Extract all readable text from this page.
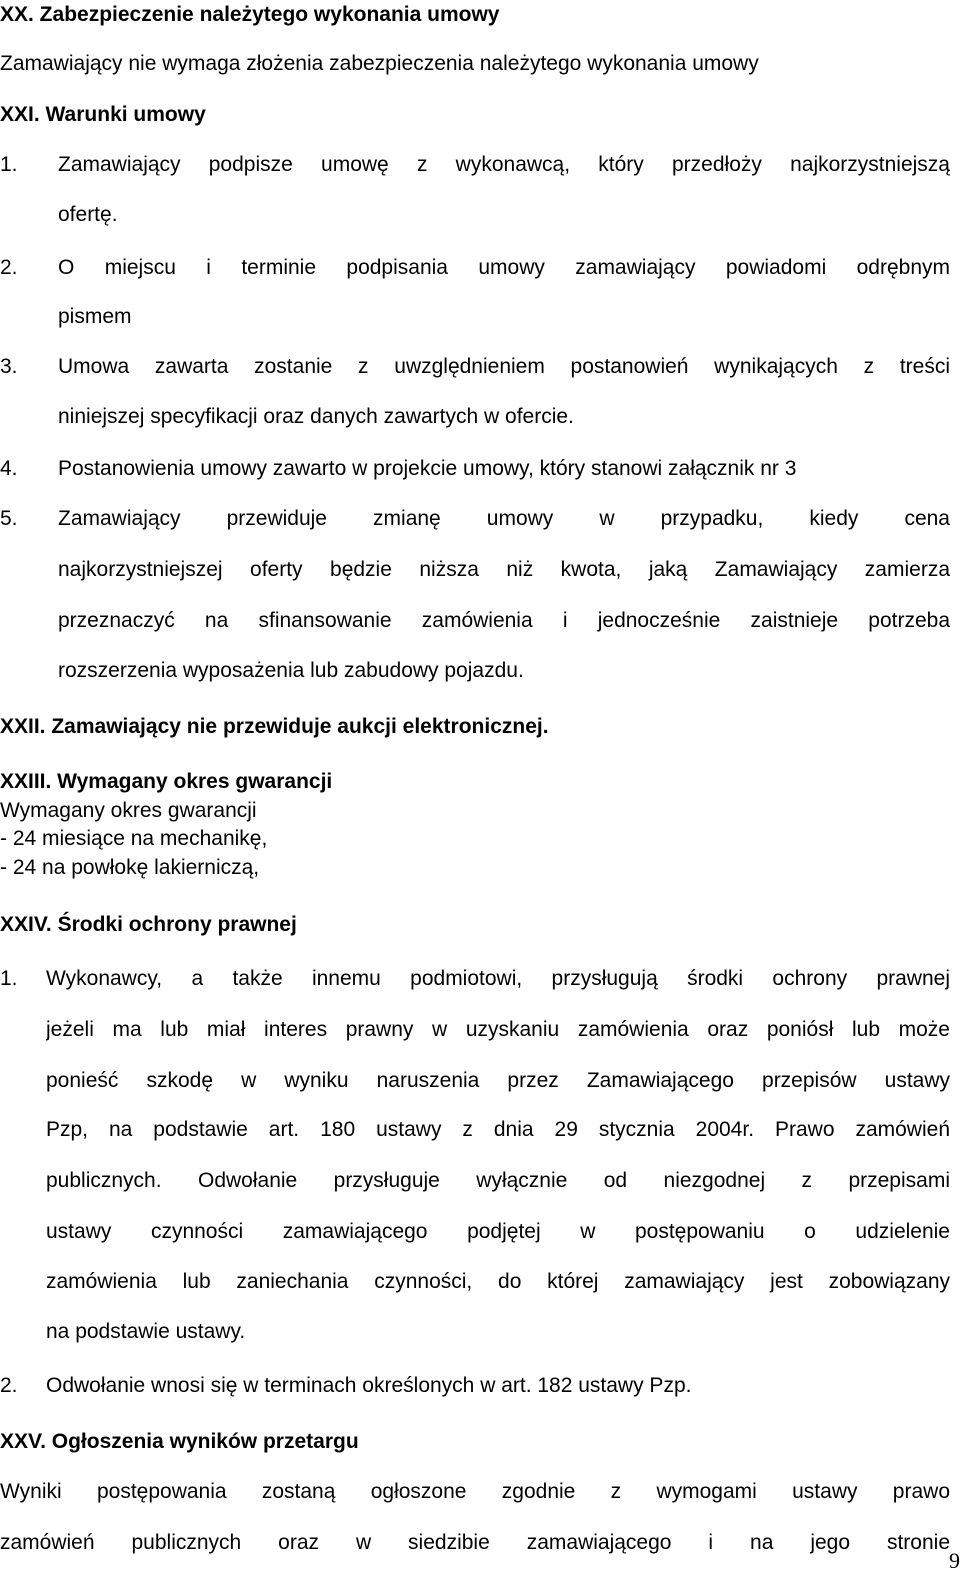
XX. Zabezpieczenie należytego wykonania umowy
Zamawiający nie wymaga złożenia zabezpieczenia należytego wykonania umowy
XXI. Warunki umowy
1. Zamawiający podpisze umowę z wykonawcą, który przedłoży najkorzystniejszą
ofertę.
2. O miejscu i terminie podpisania umowy zamawiający powiadomi odrębnym
pismem
3. Umowa zawarta zostanie z uwzględnieniem postanowień wynikających z treści
niniejszej specyfikacji oraz danych zawartych w ofercie.
4. Postanowienia umowy zawarto w projekcie umowy, który stanowi załącznik nr 3
5. Zamawiający przewiduje zmianę umowy w przypadku, kiedy cena
najkorzystniejszej oferty będzie niższa niż kwota, jaką Zamawiający zamierza
przeznaczyć na sfinansowanie zamówienia i jednocześnie zaistnieje potrzeba
rozszerzenia wyposażenia lub zabudowy pojazdu.
XXII. Zamawiający nie przewiduje aukcji elektronicznej.
XXIII. Wymagany okres gwarancji
Wymagany okres gwarancji
- 24 miesiące na mechanikę,
- 24 na powłokę lakierniczą,
XXIV. Środki ochrony prawnej
1. Wykonawcy, a także innemu podmiotowi, przysługują środki ochrony prawnej
jeżeli ma lub miał interes prawny w uzyskaniu zamówienia oraz poniósł lub może
ponieść szkodę w wyniku naruszenia przez Zamawiającego przepisów ustawy
Pzp, na podstawie art. 180 ustawy z dnia 29 stycznia 2004r. Prawo zamówień
publicznych. Odwołanie przysługuje wyłącznie od niezgodnej z przepisami
ustawy czynności zamawiającego podjętej w postępowaniu o udzielenie
zamówienia lub zaniechania czynności, do której zamawiający jest zobowiązany
na podstawie ustawy.
2. Odwołanie wnosi się w terminach określonych w art. 182 ustawy Pzp.
XXV. Ogłoszenia wyników przetargu
Wyniki postępowania zostaną ogłoszone zgodnie z wymogami ustawy prawo
zamówień publicznych oraz w siedzibie zamawiającego i na jego stronie
9
